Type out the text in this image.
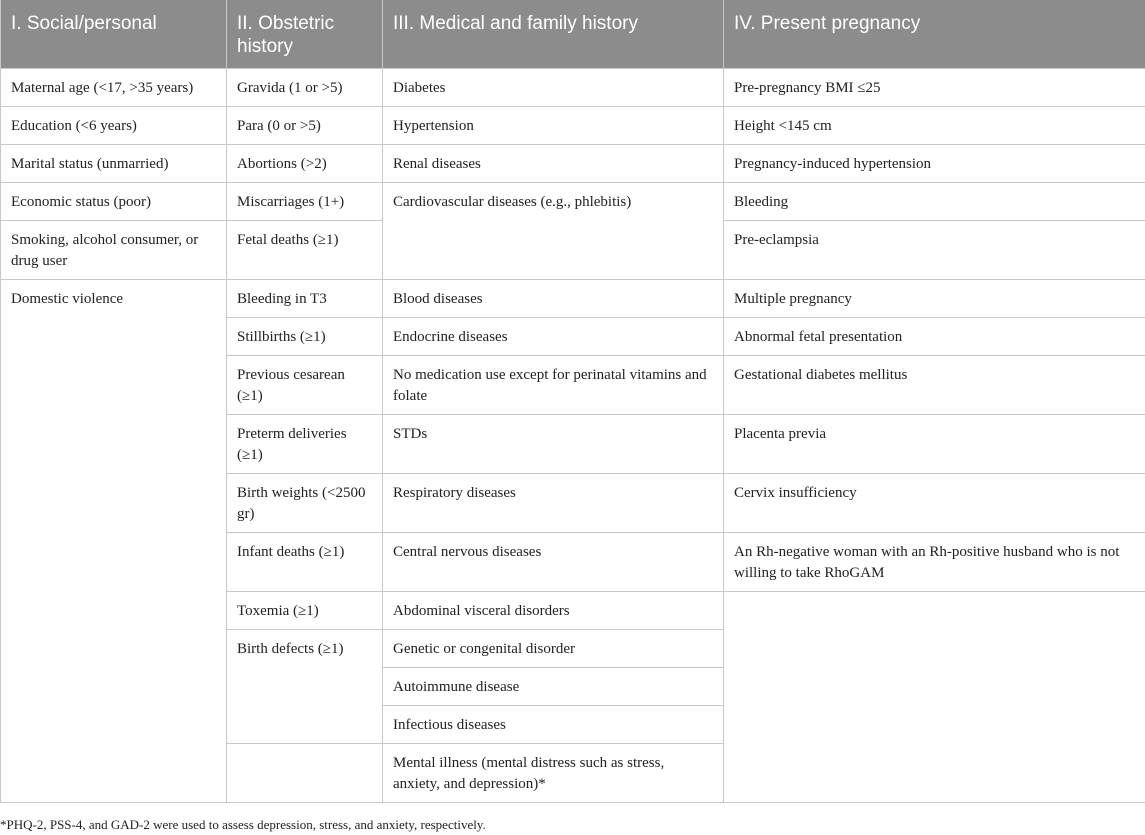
I. Social/personal	II. Obstetric history	III. Medical and family history	IV. Present pregnancy
Maternal age (<17, >35 years)	Gravida (1 or >5)	Diabetes	Pre-pregnancy BMI ≤25
Education (<6 years)	Para (0 or >5)	Hypertension	Height <145 cm
Marital status (unmarried)	Abortions (>2)	Renal diseases	Pregnancy-induced hypertension
Economic status (poor)	Miscarriages (1+)	Cardiovascular diseases (e.g., phlebitis)	Bleeding
Smoking, alcohol consumer, or drug user	Fetal deaths (≥1)		Pre-eclampsia
Domestic violence	Bleeding in T3	Blood diseases	Multiple pregnancy
	Stillbirths (≥1)	Endocrine diseases	Abnormal fetal presentation
	Previous cesarean (≥1)	No medication use except for perinatal vitamins and folate	Gestational diabetes mellitus
	Preterm deliveries (≥1)	STDs	Placenta previa
	Birth weights (<2500 gr)	Respiratory diseases	Cervix insufficiency
	Infant deaths (≥1)	Central nervous diseases	An Rh-negative woman with an Rh-positive husband who is not willing to take RhoGAM
	Toxemia (≥1)	Abdominal visceral disorders	
	Birth defects (≥1)	Genetic or congenital disorder	
		Autoimmune disease	
		Infectious diseases	
		Mental illness (mental distress such as stress, anxiety, and depression)*	
*PHQ-2, PSS-4, and GAD-2 were used to assess depression, stress, and anxiety, respectively.
